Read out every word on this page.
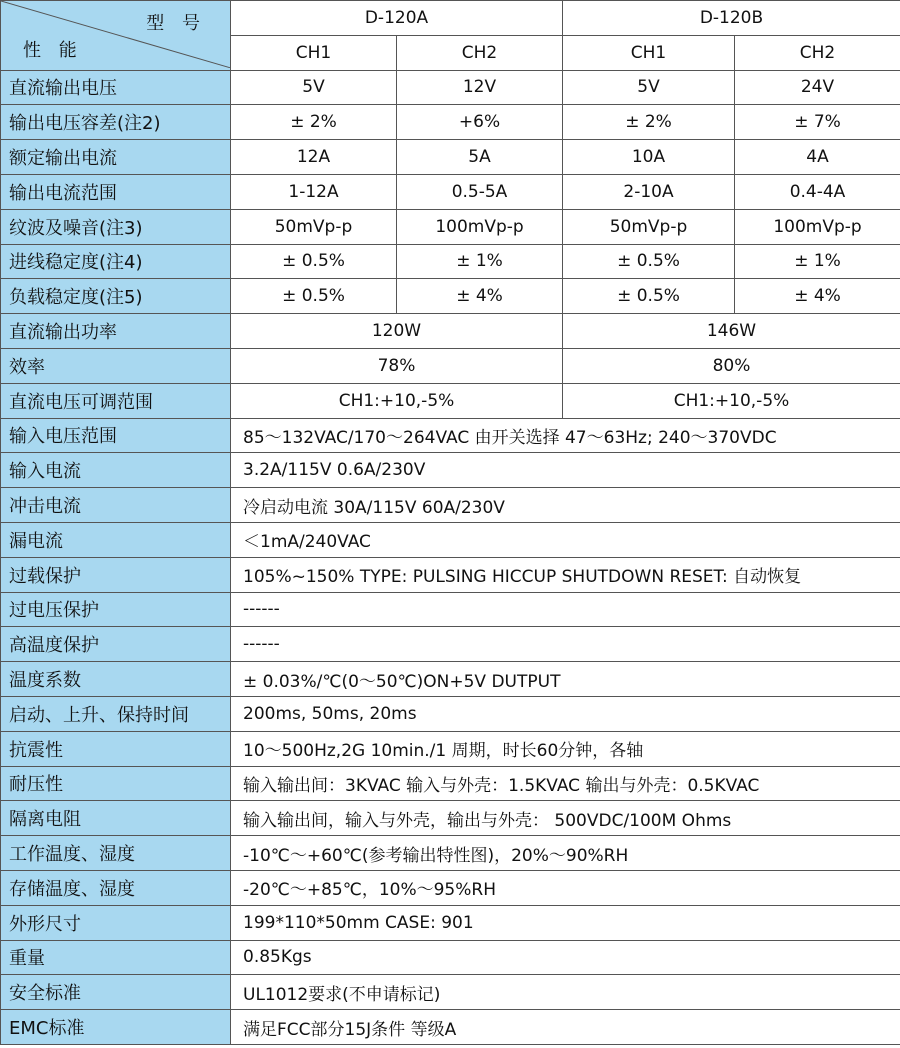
型 号
性 能	D-120A		D-120B	
	CH1	CH2	CH1	CH2
直流输出电压	5V	12V	5V	24V
输出电压容差(注2)	± 2%	+6%	± 2%	± 7%
额定输出电流	12A	5A	10A	4A
输出电流范围	1-12A	0.5-5A	2-10A	0.4-4A
纹波及噪音(注3)	50mVp-p	100mVp-p	50mVp-p	100mVp-p
进线稳定度(注4)	± 0.5%	± 1%	± 0.5%	± 1%
负载稳定度(注5)	± 0.5%	± 4%	± 0.5%	± 4%
直流输出功率	120W		146W	
效率	78%		80%	
直流电压可调范围	CH1:+10,-5%		CH1:+10,-5%	
输入电压范围	85～132VAC/170～264VAC 由开关选择 47～63Hz; 240～370VDC			
输入电流	3.2A/115V 0.6A/230V			
冲击电流	冷启动电流 30A/115V 60A/230V			
漏电流	＜1mA/240VAC			
过载保护	105%~150% TYPE: PULSING HICCUP SHUTDOWN RESET: 自动恢复			
过电压保护	------			
高温度保护	------			
温度系数	± 0.03%/℃(0～50℃)ON+5V DUTPUT			
启动、上升、保持时间	200ms, 50ms, 20ms			
抗震性	10～500Hz,2G 10min./1 周期，时长60分钟，各轴			
耐压性	输入输出间：3KVAC 输入与外壳：1.5KVAC 输出与外壳：0.5KVAC			
隔离电阻	输入输出间，输入与外壳，输出与外壳： 500VDC/100M Ohms			
工作温度、湿度	-10℃～+60℃(参考输出特性图)，20%～90%RH			
存储温度、湿度	-20℃～+85℃，10%～95%RH			
外形尺寸	199*110*50mm CASE: 901			
重量	0.85Kgs			
安全标准	UL1012要求(不申请标记)			
EMC标准	满足FCC部分15J条件 等级A			
